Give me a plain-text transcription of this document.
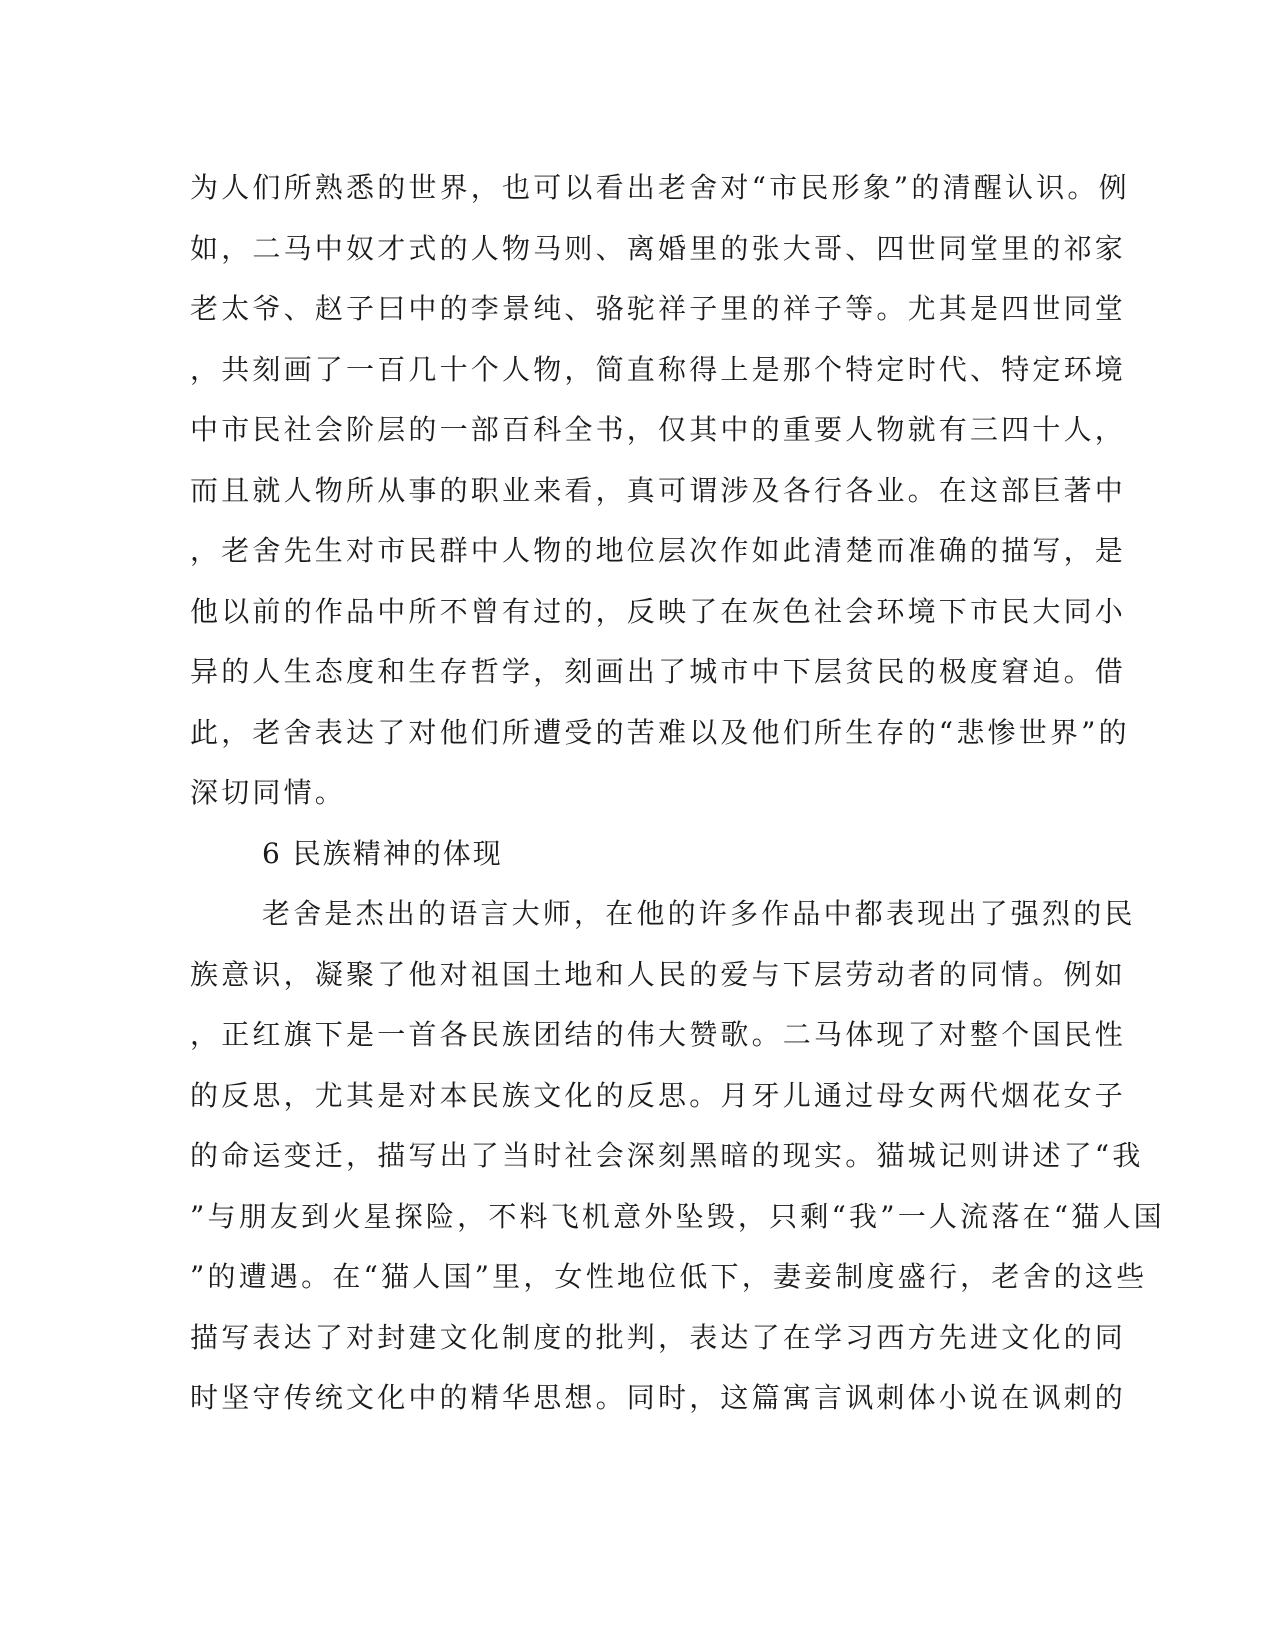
为人们所熟悉的世界，也可以看出老舍对“市民形象”的清醒认识。例
如，二马中奴才式的人物马则、离婚里的张大哥、四世同堂里的祁家
老太爷、赵子曰中的李景纯、骆驼祥子里的祥子等。尤其是四世同堂
，共刻画了一百几十个人物，简直称得上是那个特定时代、特定环境
中市民社会阶层的一部百科全书，仅其中的重要人物就有三四十人，
而且就人物所从事的职业来看，真可谓涉及各行各业。在这部巨著中
，老舍先生对市民群中人物的地位层次作如此清楚而准确的描写，是
他以前的作品中所不曾有过的，反映了在灰色社会环境下市民大同小
异的人生态度和生存哲学，刻画出了城市中下层贫民的极度窘迫。借
此，老舍表达了对他们所遭受的苦难以及他们所生存的“悲惨世界”的
深切同情。
6 民族精神的体现
老舍是杰出的语言大师，在他的许多作品中都表现出了强烈的民
族意识，凝聚了他对祖国土地和人民的爱与下层劳动者的同情。例如
，正红旗下是一首各民族团结的伟大赞歌。二马体现了对整个国民性
的反思，尤其是对本民族文化的反思。月牙儿通过母女两代烟花女子
的命运变迁，描写出了当时社会深刻黑暗的现实。猫城记则讲述了“我
”与朋友到火星探险，不料飞机意外坠毁，只剩“我”一人流落在“猫人国
”的遭遇。在“猫人国”里，女性地位低下，妻妾制度盛行，老舍的这些
描写表达了对封建文化制度的批判，表达了在学习西方先进文化的同
时坚守传统文化中的精华思想。同时，这篇寓言讽刺体小说在讽刺的
